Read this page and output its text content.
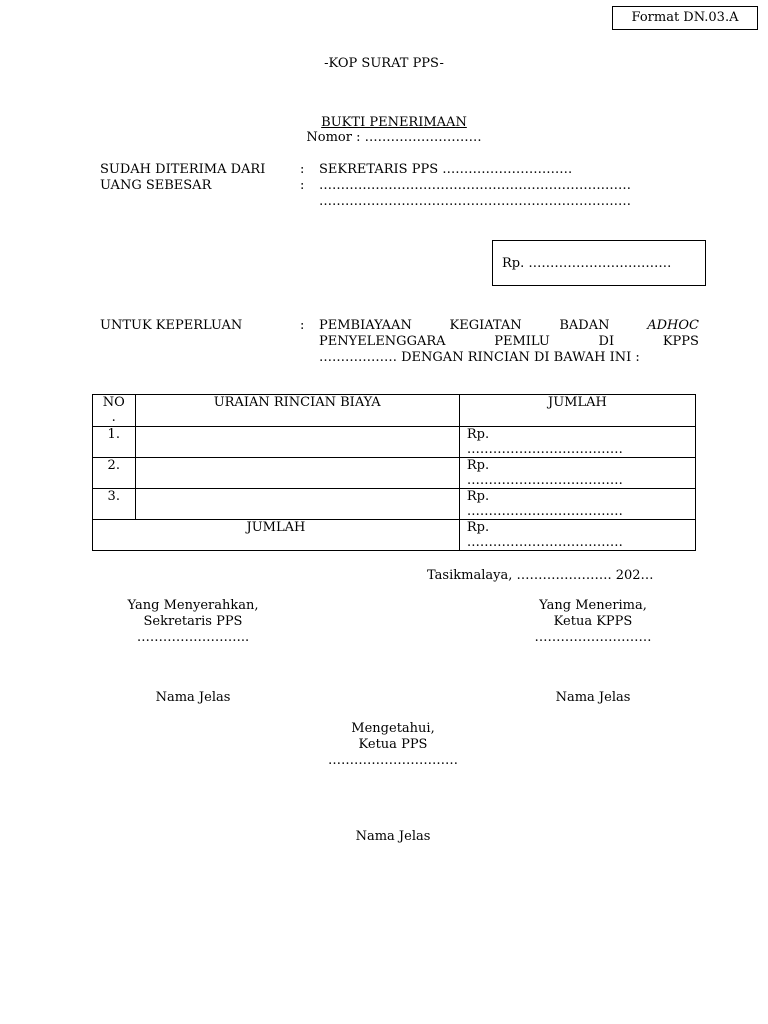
Format DN.03.A
-KOP SURAT PPS-
BUKTI PENERIMAAN
Nomor : ………………………
SUDAH DITERIMA DARI	: SEKRETARIS PPS …………………………
UANG SEBESAR	: ………………………………………………………………
………………………………………………………………
Rp. ……………………………
UNTUK KEPERLUAN	: PEMBIAYAAN	KEGIATAN	BADAN	ADHOC
PENYELENGGARA	PEMILU	DI	KPPS
……………… DENGAN RINCIAN DI BAWAH INI :
NO
.	URAIAN RINCIAN BIAYA	JUMLAH
1.		Rp.
………………………………

2.		Rp.
………………………………

3.		Rp.
………………………………

JUMLAH		Rp.
………………………………
Tasikmalaya, …………………. 202…
Yang Menyerahkan,
Sekretaris PPS
……………………..
Nama Jelas
Yang Menerima,
Ketua KPPS
………………………
Nama Jelas
Mengetahui,
Ketua PPS
…………………………
Nama Jelas
